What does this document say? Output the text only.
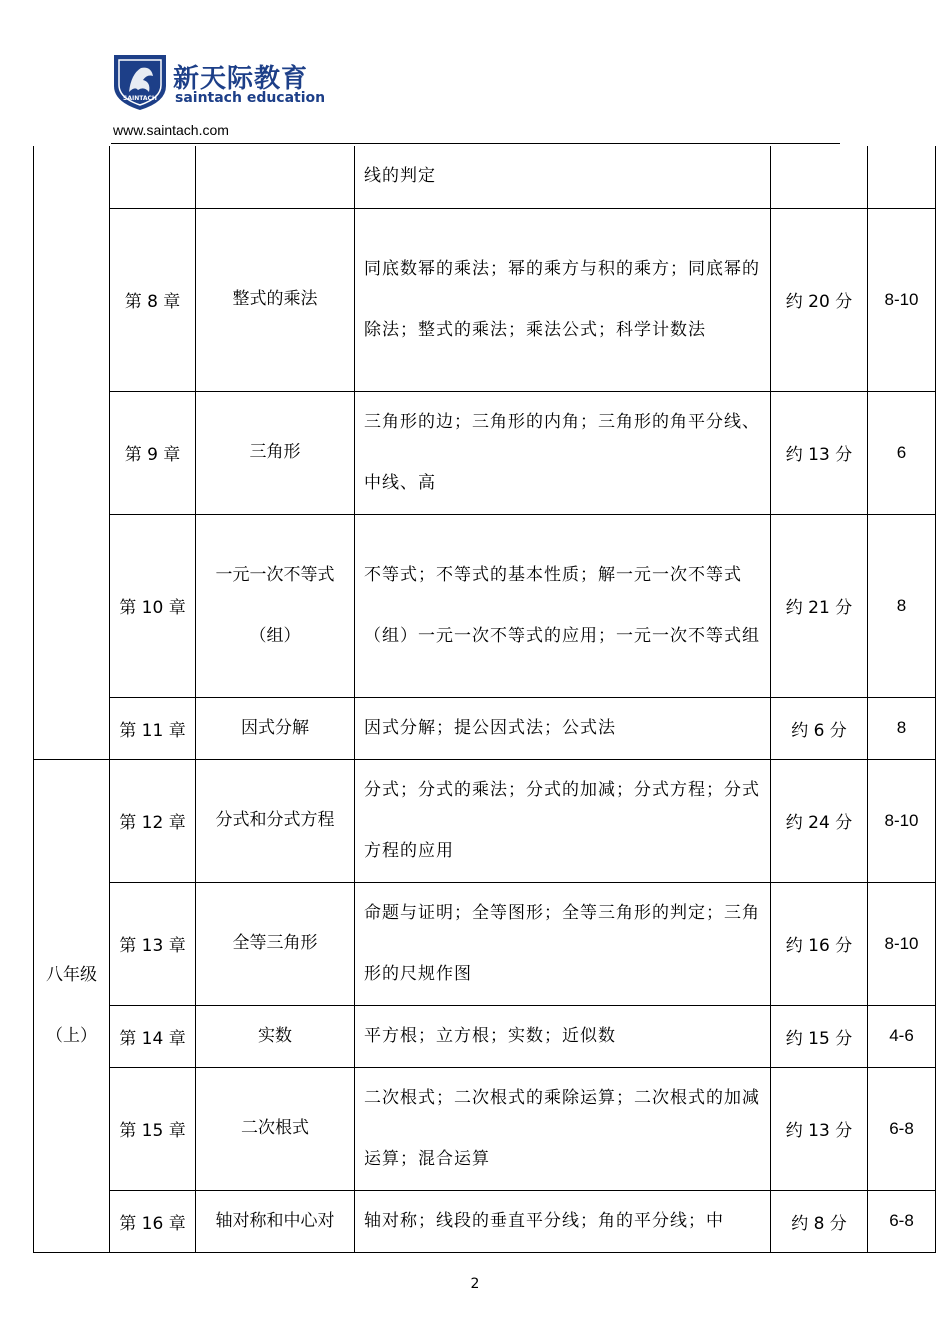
SAINTACH
新天际教育
saintach education
www.saintach.com
			线的判定		
	第 8 章	整式的乘法	同底数幂的乘法；幂的乘方与积的乘方；同底幂的除法；整式的乘法；乘法公式；科学计数法	约 20 分	8-10
	第 9 章	三角形	三角形的边；三角形的内角；三角形的角平分线、中线、高	约 13 分	6
	第 10 章	一元一次不等式（组）	不等式；不等式的基本性质；解一元一次不等式（组）一元一次不等式的应用；一元一次不等式组	约 21 分	8
	第 11 章	因式分解	因式分解；提公因式法；公式法	约 6 分	8
八年级（上）	第 12 章	分式和分式方程	分式；分式的乘法；分式的加减；分式方程；分式方程的应用	约 24 分	8-10
	第 13 章	全等三角形	命题与证明；全等图形；全等三角形的判定；三角形的尺规作图	约 16 分	8-10
	第 14 章	实数	平方根；立方根；实数；近似数	约 15 分	4-6
	第 15 章	二次根式	二次根式；二次根式的乘除运算；二次根式的加减运算；混合运算	约 13 分	6-8
	第 16 章	轴对称和中心对	轴对称；线段的垂直平分线；角的平分线；中	约 8 分	6-8
2
